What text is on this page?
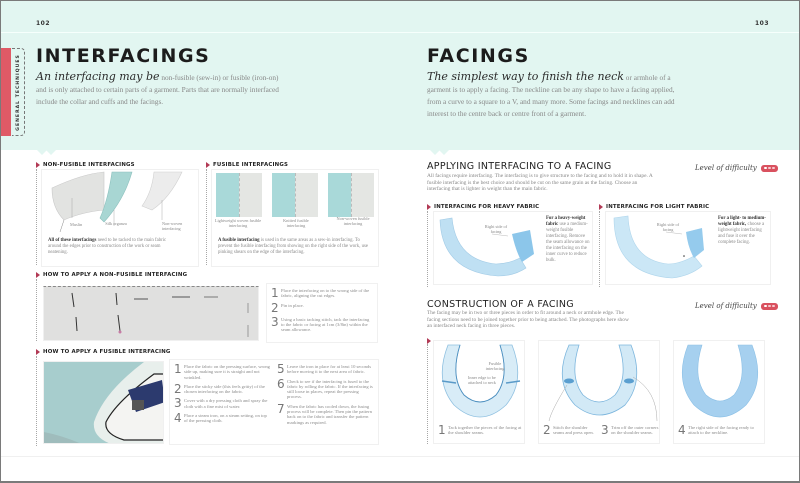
102
GENERAL TECHNIQUES INTERFACINGS
An interfacing may be non-fusible (sew-in) or fusible (iron-on) and is only attached to certain parts of a garment. Parts that are normally interfaced include the collar and cuffs and the facings.
103
FACINGS
The simplest way to finish the neck or armhole of a garment is to apply a facing. The neckline can be any shape to have a facing applied, from a curve to a square to a V, and many more. Some facings and necklines can add interest to the centre back or centre front of a garment.
NON-FUSIBLE INTERFACINGS
Muslin	Silk organza	Non-woven interfacing
All of these interfacings need to be tacked to the main fabric around the edges prior to construction of the work or seam neatening.
FUSIBLE INTERFACINGS
Lightweight woven fusible interfacing
Knitted fusible interfacing
Non-woven fusible interfacing
A fusible interfacing is used in the same areas as a sew-in interfacing. To prevent the fusible interfacing from showing on the right side of the work, use pinking shears on the edge of the interfacing.
HOW TO APPLY A NON-FUSIBLE INTERFACING
1 Place the interfacing on to the wrong side of the fabric, aligning the cut edges.
2 Pin in place.
3 Using a basic tacking stitch, tack the interfacing to the fabric or facing at 1cm (3/8in) within the seam allowance.
HOW TO APPLY A FUSIBLE INTERFACING
1 Place the fabric on the pressing surface, wrong side up, making sure it is straight and not wrinkled.
2 Place the sticky side (this feels gritty) of the chosen interfacing on the fabric.
3 Cover with a dry pressing cloth and spray the cloth with a fine mist of water.
4 Place a steam iron, on a steam setting, on top of the pressing cloth.
5 Leave the iron in place for at least 10 seconds before moving it to the next area of fabric.
6 Check to see if the interfacing is fused to the fabric by rolling the fabric. If the interfacing is still loose in places, repeat the pressing process.
7 When the fabric has cooled down, the fusing process will be complete. Then pin the pattern back on to the fabric and transfer the pattern markings as required.
APPLYING INTERFACING TO A FACING	Level of difficulty
All facings require interfacing. The interfacing is to give structure to the facing and to hold it in shape. A fusible interfacing is the best choice and should be cut on the same grain as the facing. Choose an interfacing that is lighter in weight than the main fabric.
INTERFACING FOR HEAVY FABRIC
Right side of facing
For a heavy-weight fabric use a medium-weight fusible interfacing. Remove the seam allowance on the interfacing on the inner curve to reduce bulk.
INTERFACING FOR LIGHT FABRIC
Right side of facing
For a light- to medium-weight fabric, choose a lightweight interfacing and fuse it over the complete facing.
CONSTRUCTION OF A FACING	Level of difficulty
The facing may be in two or three pieces in order to fit around a neck or armhole edge. The facing sections need to be joined together prior to being attached. The photographs here show an interfaced neck facing in three pieces.
Fusible interfacing
Inner edge to be attached to neck
1 Tack together the pieces of the facing at the shoulder seams.	2 Stitch the shoulder seams and press open. 3 Trim off the outer corners on the shoulder seams.	4 The right side of the facing ready to attach to the neckline.
